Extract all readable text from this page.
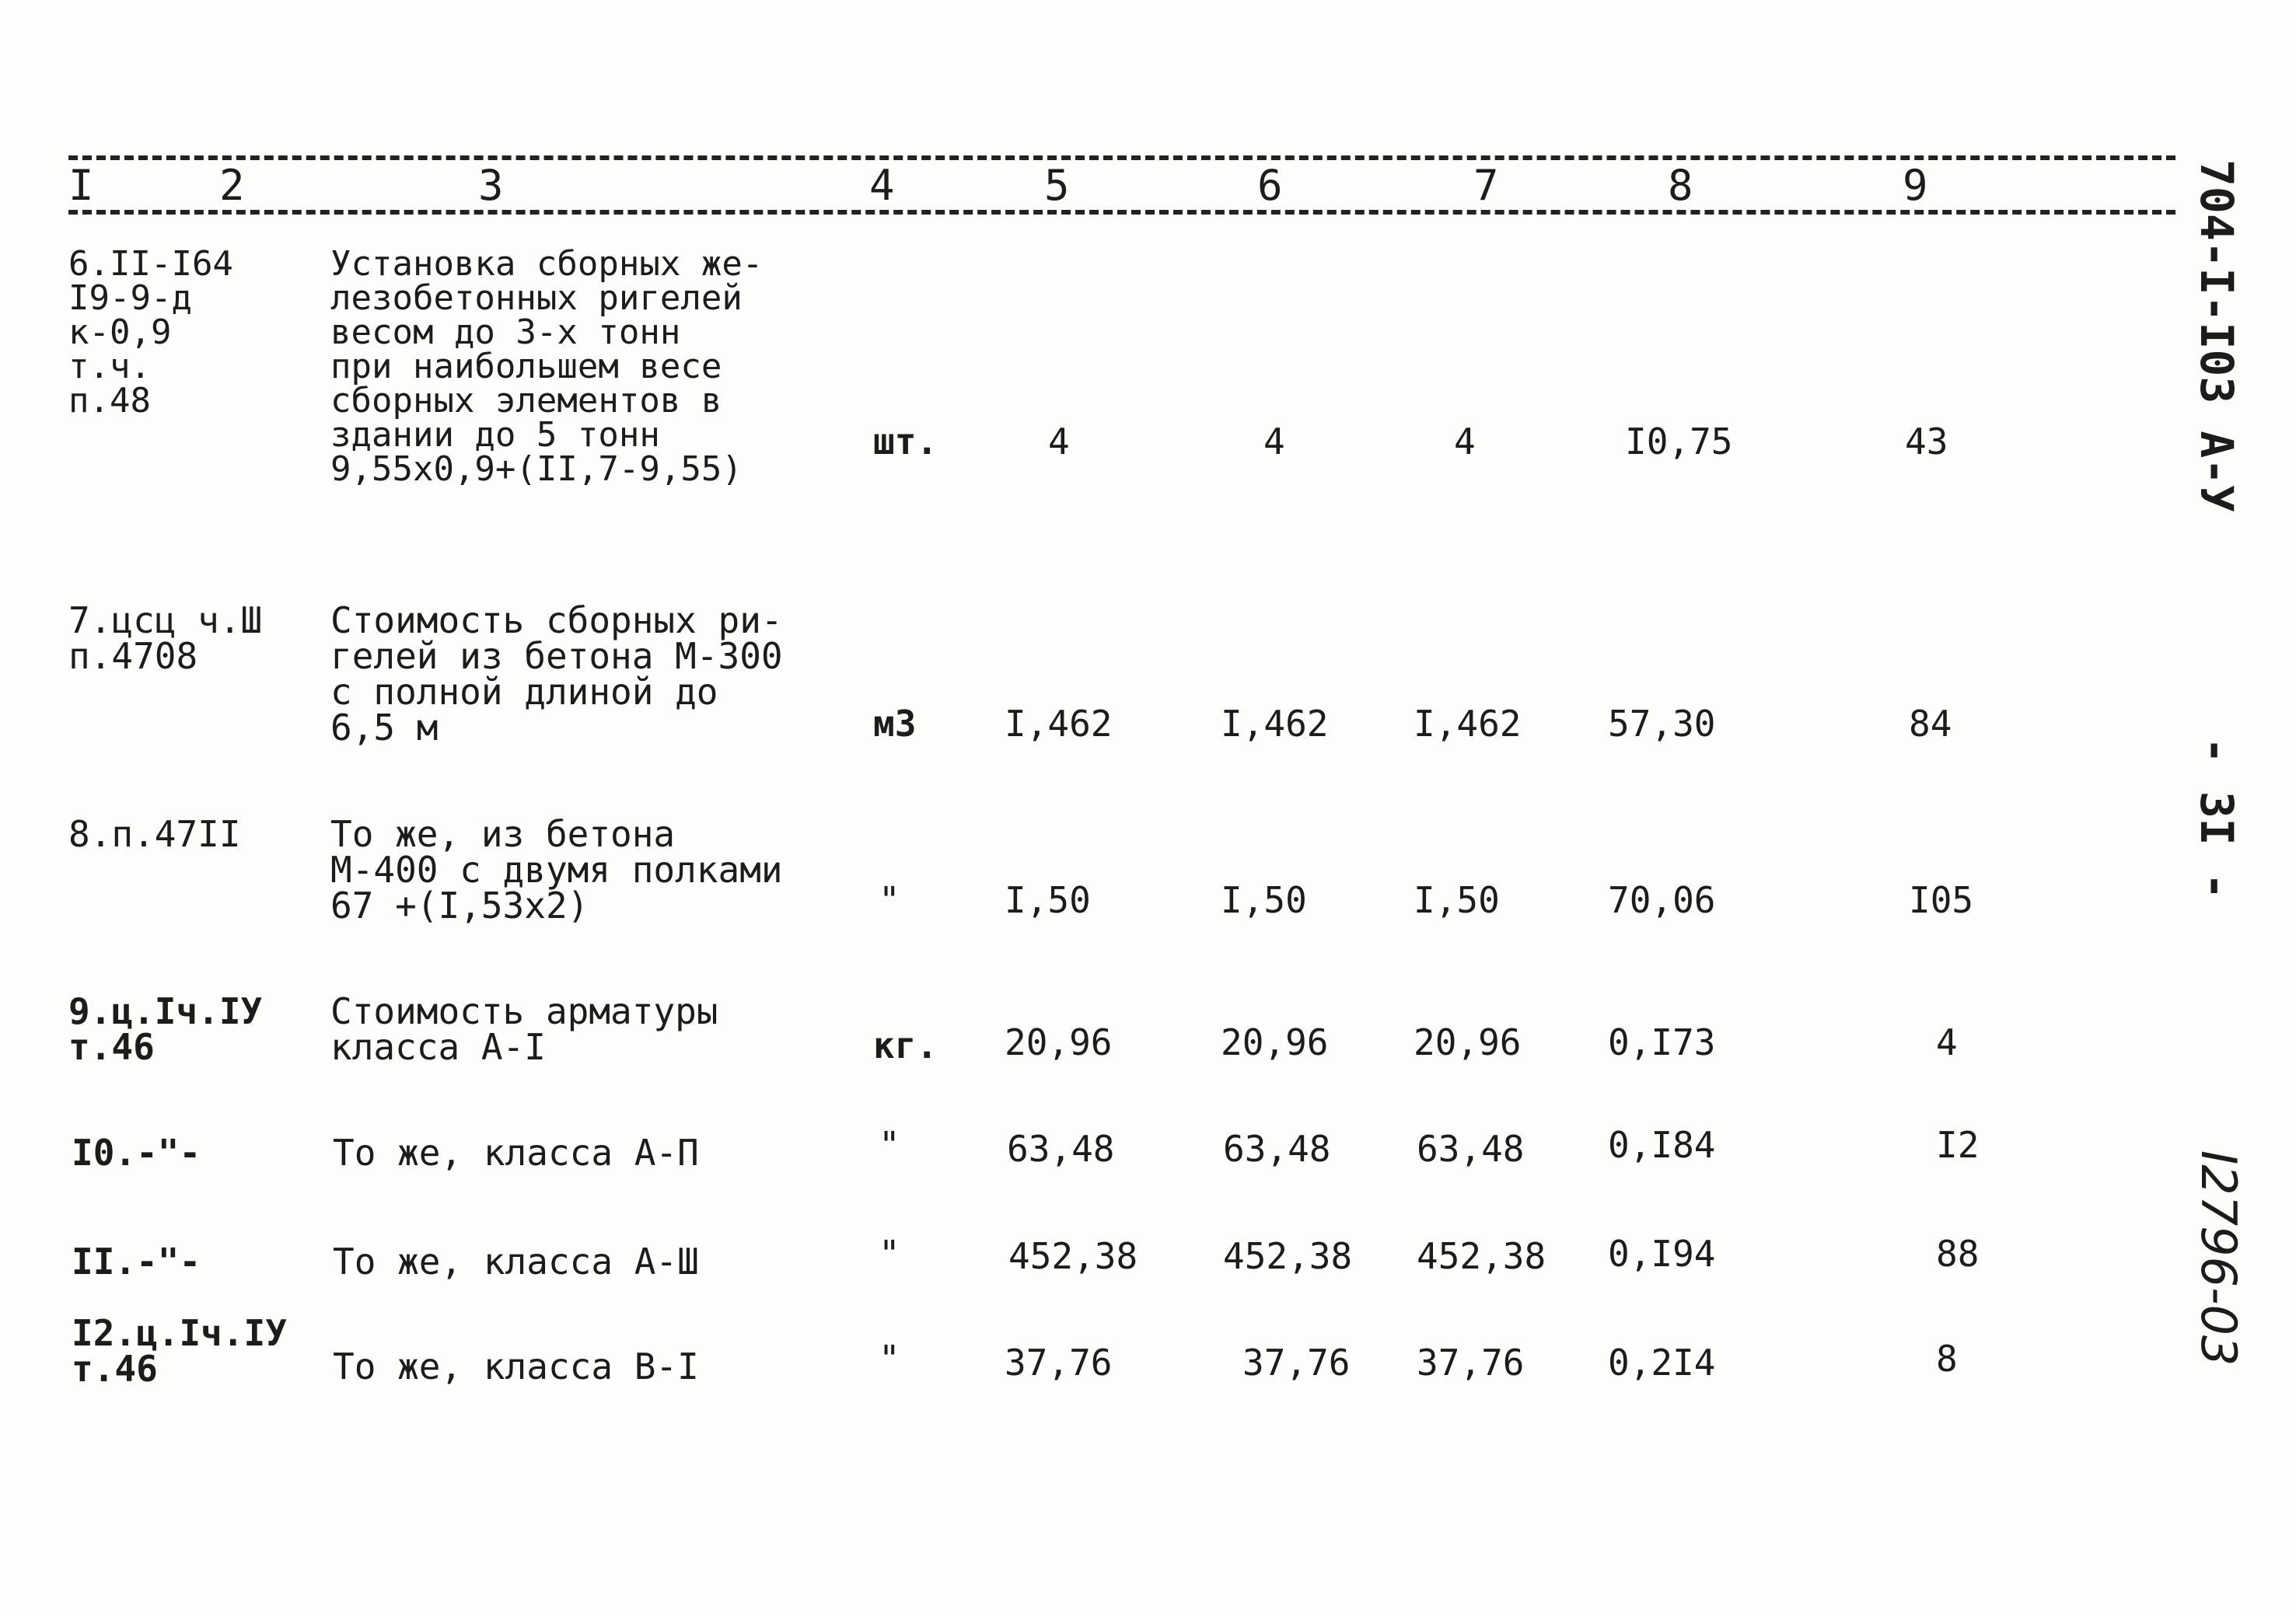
I	2	3	4	5	6	7	8	9
6.II-I64
I9-9-д
к-0,9
т.ч.
п.48
Установка сборных же-
лезобетонных ригелей
весом до 3-х тонн
при наибольшем весе
сборных элементов в
здании до 5 тонн
9,55х0,9+(II,7-9,55)
шт.	4	4	4	I0,75	43
7.цсц ч.Ш
п.4708
Стоимость сборных ри-
гелей из бетона М-300
с полной длиной до
6,5 м	м3 I,462	I,462 I,462 57,30	84
8.п.47II	То же, из бетона
М-400 с двумя полками
67 +(I,53х2)	"	I,50	I,50	I,50	70,06	I05
9.ц.Iч.IУ
т.46
Стоимость арматуры
класса А-I	кг. 20,96	20,96 20,96 0,I73	4
I0.-"-	То же, класса А-П	"	63,48	63,48 63,48 0,I84	I2
II.-"-	То же, класса А-Ш	"	452,38 452,38 452,38 0,I94	88
I2.ц.Iч.IУ
т.46	То же, класса В-I	"	37,76	37,76 37,76 0,2I4	8
704-I-I03 А-У
- 3I -
I2796-03
